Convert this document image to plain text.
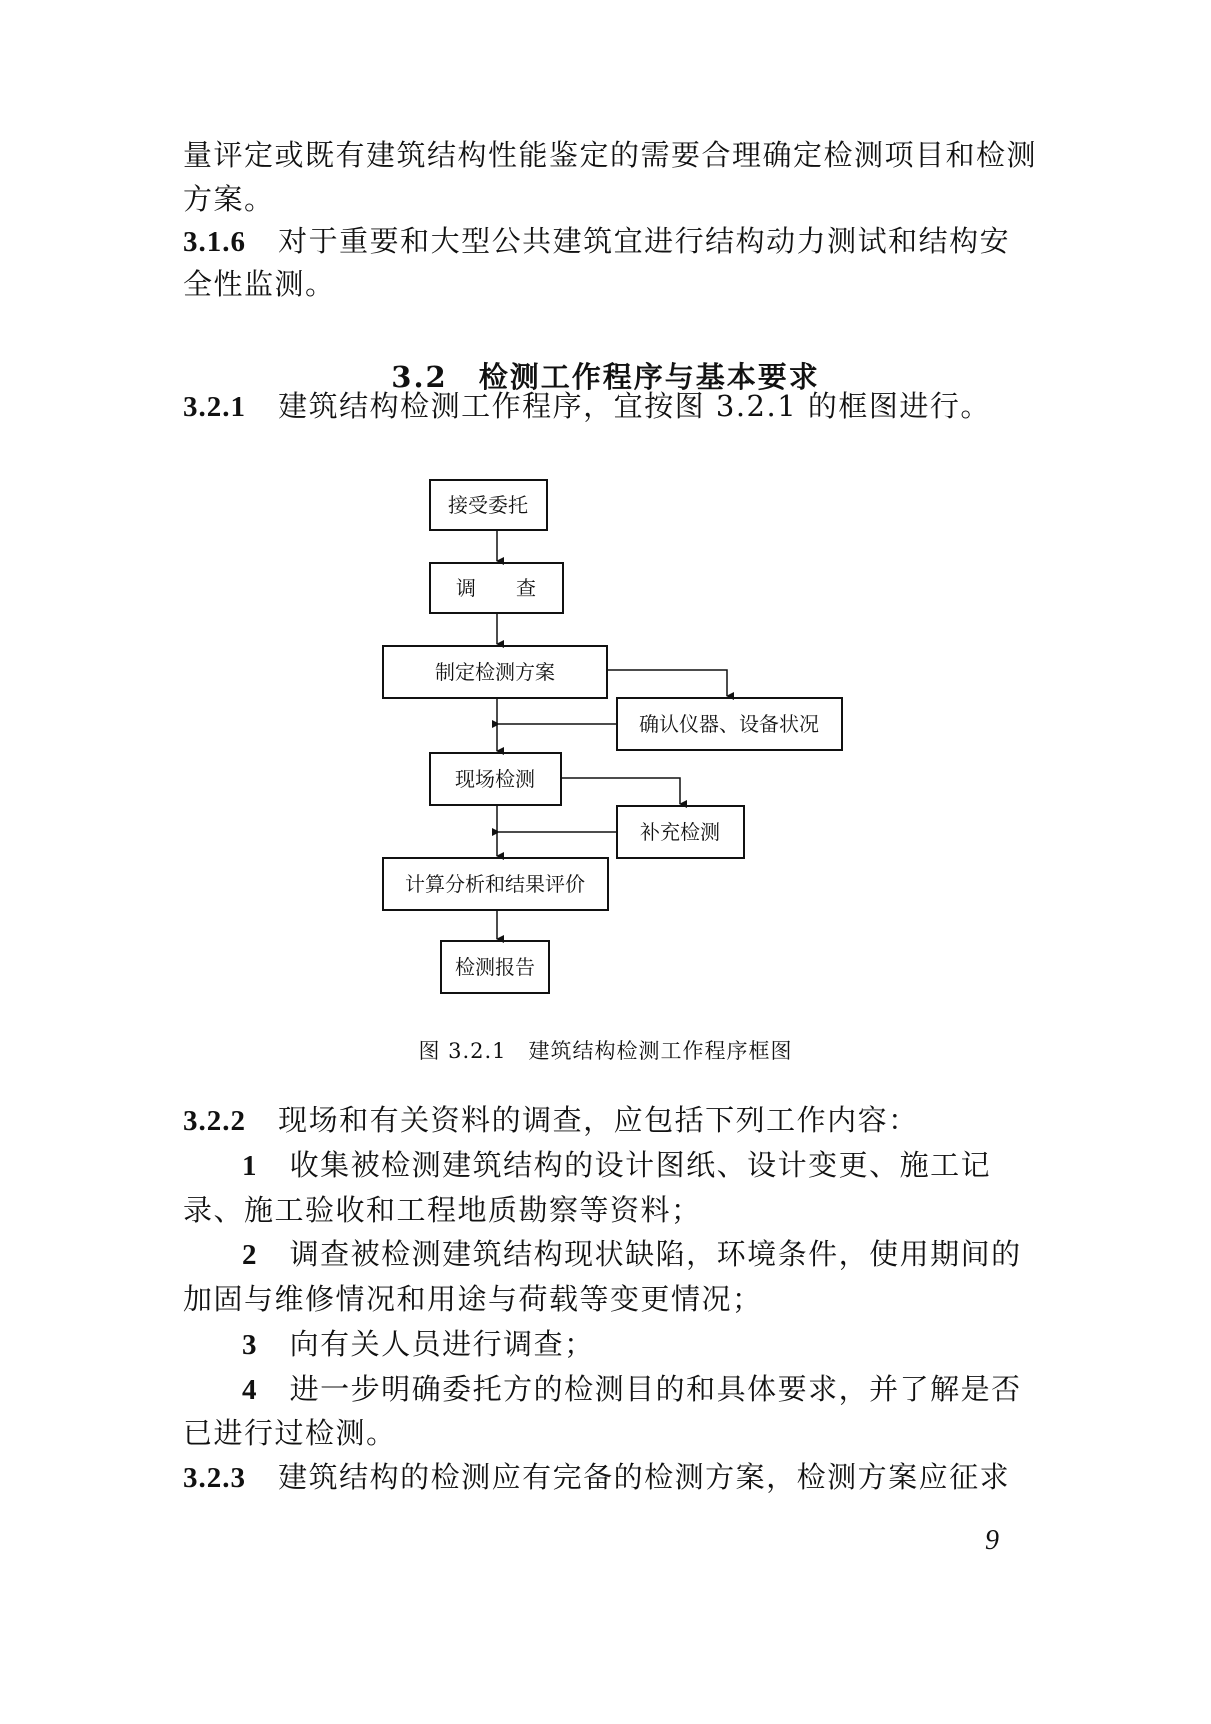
量评定或既有建筑结构性能鉴定的需要合理确定检测项目和检测
方案。
3.1.6 对于重要和大型公共建筑宜进行结构动力测试和结构安
全性监测。
3.2　检测工作程序与基本要求
3.2.1 建筑结构检测工作程序，宜按图 3.2.1 的框图进行。
接受委托
调　　查
制定检测方案
确认仪器、设备状况
现场检测
补充检测
计算分析和结果评价
检测报告
图 3.2.1　建筑结构检测工作程序框图
3.2.2 现场和有关资料的调查，应包括下列工作内容：
1 收集被检测建筑结构的设计图纸、设计变更、施工记
录、施工验收和工程地质勘察等资料；
2 调查被检测建筑结构现状缺陷，环境条件，使用期间的
加固与维修情况和用途与荷载等变更情况；
3 向有关人员进行调查；
4 进一步明确委托方的检测目的和具体要求，并了解是否
已进行过检测。
3.2.3 建筑结构的检测应有完备的检测方案，检测方案应征求
9
